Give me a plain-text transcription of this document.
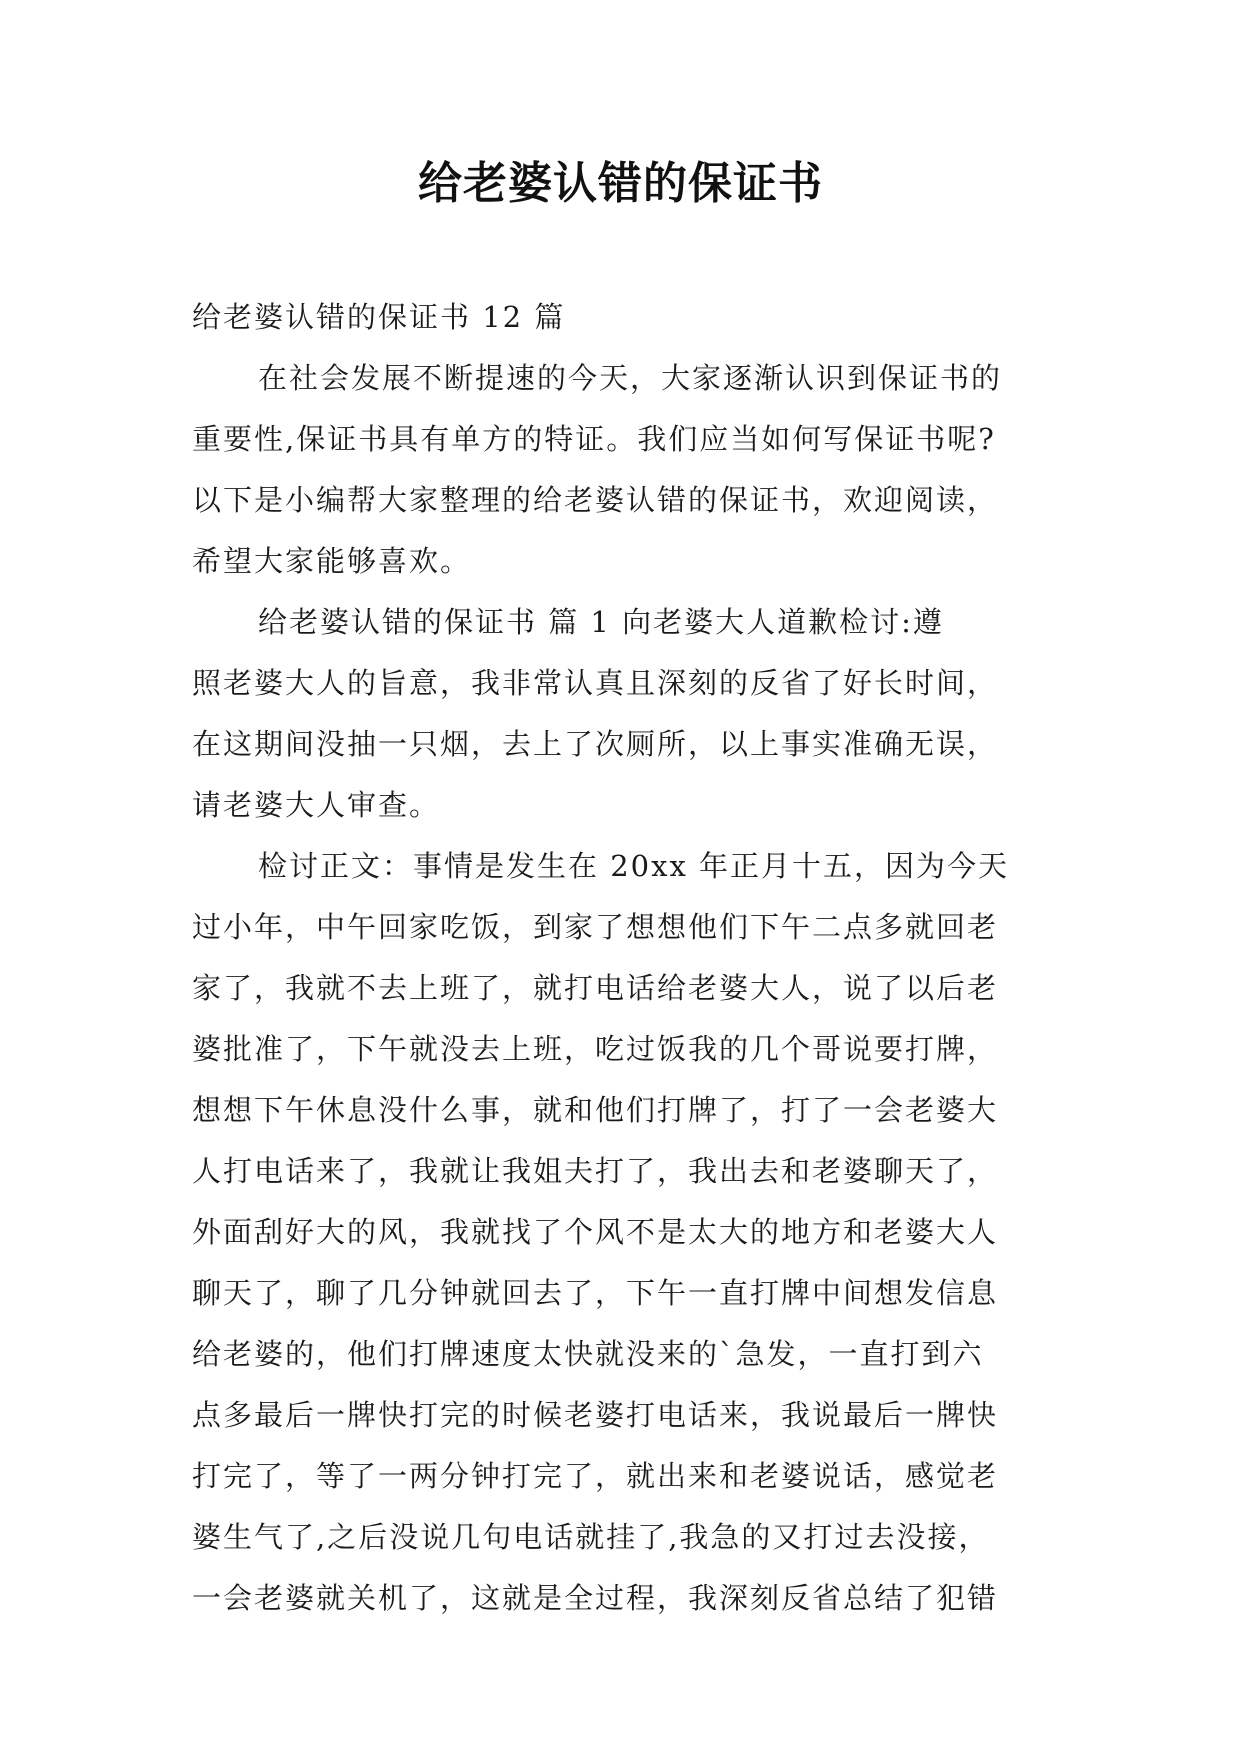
给老婆认错的保证书
给老婆认错的保证书 12 篇
在社会发展不断提速的今天，大家逐渐认识到保证书的
重要性,保证书具有单方的特证。我们应当如何写保证书呢?
以下是小编帮大家整理的给老婆认错的保证书，欢迎阅读，
希望大家能够喜欢。
给老婆认错的保证书 篇 1 向老婆大人道歉检讨:遵
照老婆大人的旨意，我非常认真且深刻的反省了好长时间，
在这期间没抽一只烟，去上了次厕所，以上事实准确无误，
请老婆大人审查。
检讨正文：事情是发生在 20xx 年正月十五，因为今天
过小年，中午回家吃饭，到家了想想他们下午二点多就回老
家了，我就不去上班了，就打电话给老婆大人，说了以后老
婆批准了，下午就没去上班，吃过饭我的几个哥说要打牌，
想想下午休息没什么事，就和他们打牌了，打了一会老婆大
人打电话来了，我就让我姐夫打了，我出去和老婆聊天了，
外面刮好大的风，我就找了个风不是太大的地方和老婆大人
聊天了，聊了几分钟就回去了，下午一直打牌中间想发信息
给老婆的，他们打牌速度太快就没来的`急发，一直打到六
点多最后一牌快打完的时候老婆打电话来，我说最后一牌快
打完了，等了一两分钟打完了，就出来和老婆说话，感觉老
婆生气了,之后没说几句电话就挂了,我急的又打过去没接，
一会老婆就关机了，这就是全过程，我深刻反省总结了犯错
